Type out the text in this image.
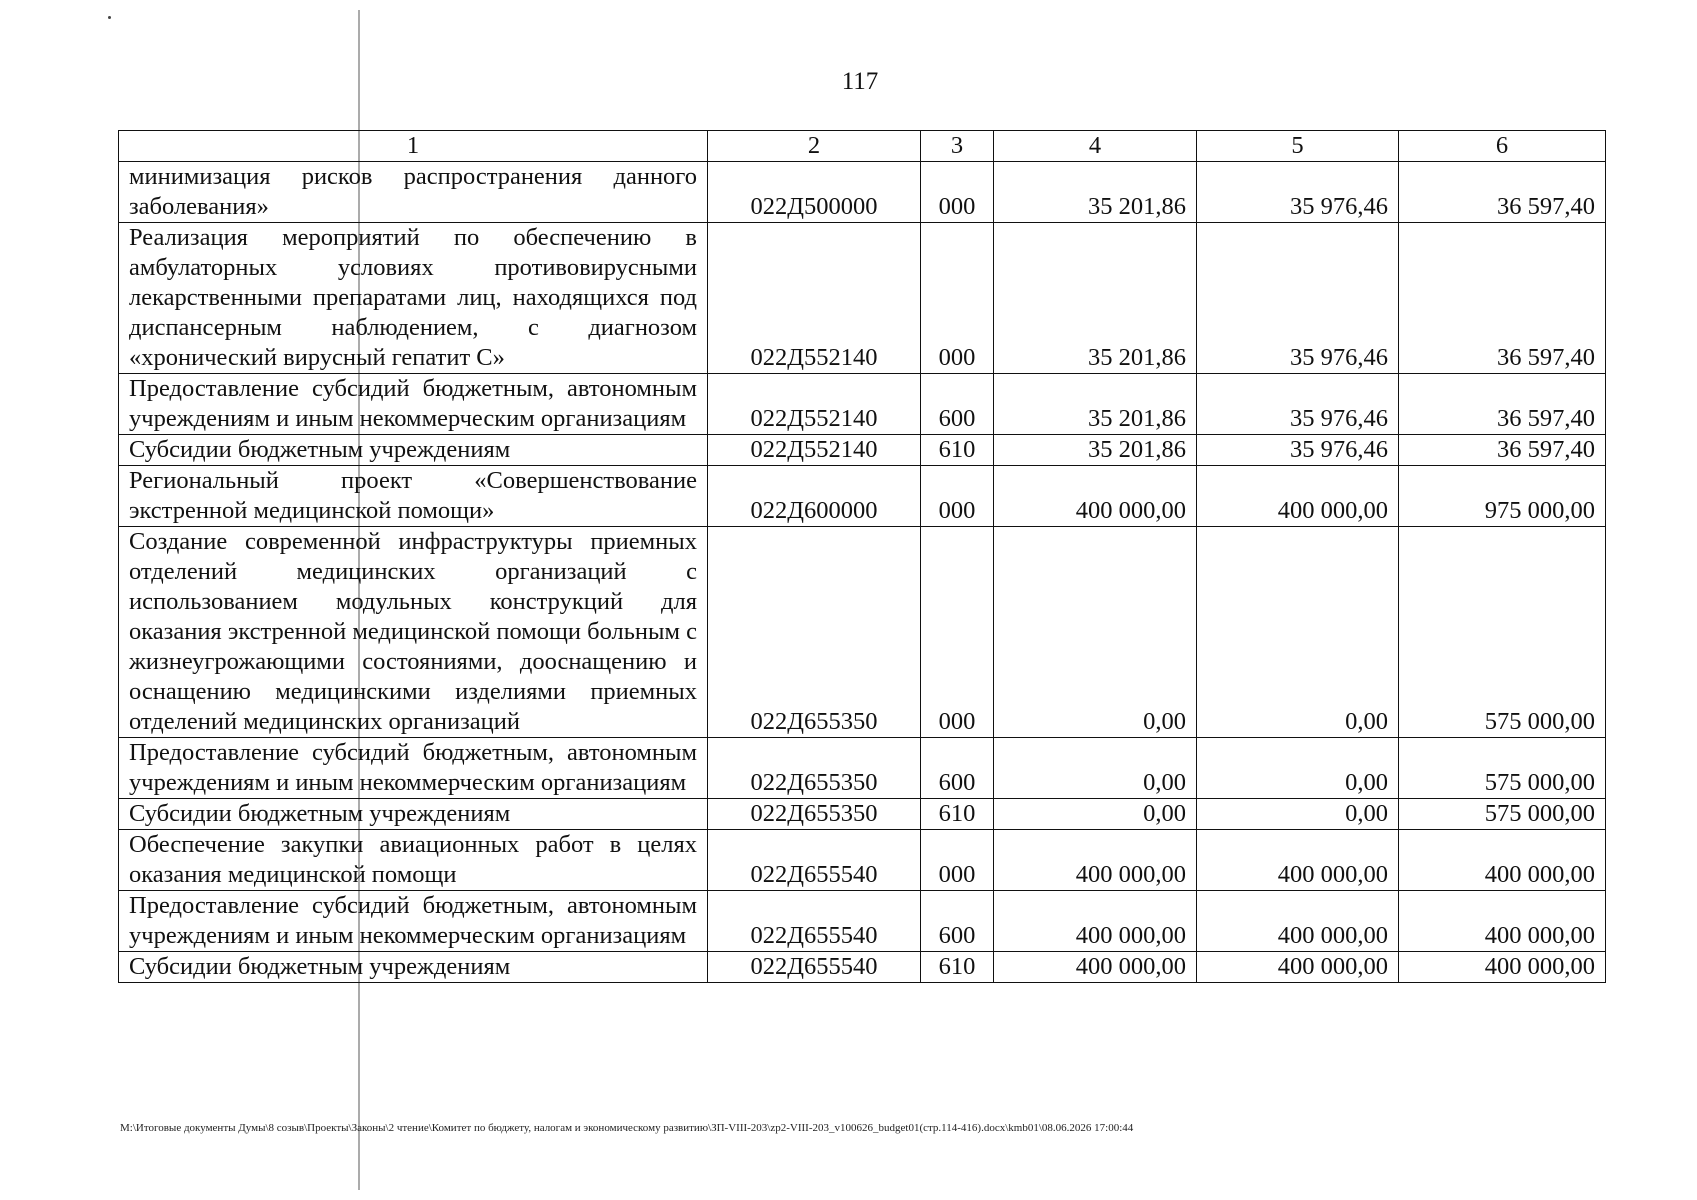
117
1	2	3	4	5	6
минимизация рисков распространения данного заболевания»	022Д500000	000	35 201,86	35 976,46	36 597,40
Реализация мероприятий по обеспечению в амбулаторных условиях противовирусными лекарственными препаратами лиц, находящихся под диспансерным наблюдением, с диагнозом «хронический вирусный гепатит С»	022Д552140	000	35 201,86	35 976,46	36 597,40
Предоставление субсидий бюджетным, автономным учреждениям и иным некоммерческим организациям	022Д552140	600	35 201,86	35 976,46	36 597,40
Субсидии бюджетным учреждениям	022Д552140	610	35 201,86	35 976,46	36 597,40
Региональный проект «Совершенствование экстренной медицинской помощи»	022Д600000	000	400 000,00	400 000,00	975 000,00
Создание современной инфраструктуры приемных отделений медицинских организаций с использованием модульных конструкций для оказания экстренной медицинской помощи больным с жизнеугрожающими состояниями, дооснащению и оснащению медицинскими изделиями приемных отделений медицинских организаций	022Д655350	000	0,00	0,00	575 000,00
Предоставление субсидий бюджетным, автономным учреждениям и иным некоммерческим организациям	022Д655350	600	0,00	0,00	575 000,00
Субсидии бюджетным учреждениям	022Д655350	610	0,00	0,00	575 000,00
Обеспечение закупки авиационных работ в целях оказания медицинской помощи	022Д655540	000	400 000,00	400 000,00	400 000,00
Предоставление субсидий бюджетным, автономным учреждениям и иным некоммерческим организациям	022Д655540	600	400 000,00	400 000,00	400 000,00
Субсидии бюджетным учреждениям	022Д655540	610	400 000,00	400 000,00	400 000,00
M:\Итоговые документы Думы\8 созыв\Проекты\Законы\2 чтение\Комитет по бюджету, налогам и экономическому развитию\ЗП-VIII-203\zp2-VIII-203_v100626_budget01(стр.114-416).docx\kmb01\08.06.2026 17:00:44
